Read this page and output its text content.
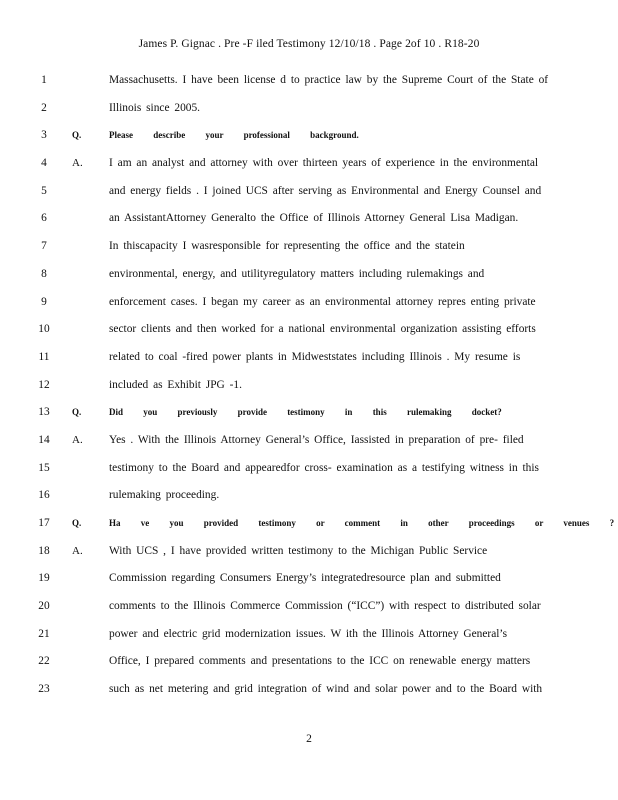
James P. Gignac . Pre -F iled Testimony 12/10/18 . Page 2of 10 . R18-20
1	Massachusetts. I have been license d to practice law by the Supreme Court of the State of
2	Illinois since 2005.
3	Q.	Please describe your professional background.
4	A. I am an analyst and attorney with over thirteen years of experience in the environmental
5	and energy fields . I joined UCS after serving as Environmental and Energy Counsel and
6	an AssistantAttorney Generalto the Office of Illinois Attorney General Lisa Madigan.
7	In thiscapacity I wasresponsible for representing the office and the statein
8	environmental, energy, and utilityregulatory matters including rulemakings and
9	enforcement cases. I began my career as an environmental attorney repres enting private
10	sector clients and then worked for a national environmental organization assisting efforts
11	related to coal -fired power plants in Midweststates including Illinois . My resume is
12	included as Exhibit JPG -1.
13	Q.	Did you previously provide testimony in this rulemaking docket?
14	A. Yes . With the Illinois Attorney General’s Office, Iassisted in preparation of pre- filed
15	testimony to the Board and appearedfor cross- examination as a testifying witness in this
16	rulemaking proceeding.
17	Q.	Ha ve you provided testimony or comment in other proceedings or venues ?
18	A. With UCS , I have provided written testimony to the Michigan Public Service
19	Commission regarding Consumers Energy’s integratedresource plan and submitted
20	comments to the Illinois Commerce Commission (“ICC”) with respect to distributed solar
21	power and electric grid modernization issues. W ith the Illinois Attorney General’s
22	Office, I prepared comments and presentations to the ICC on renewable energy matters
23	such as net metering and grid integration of wind and solar power and to the Board with
2
